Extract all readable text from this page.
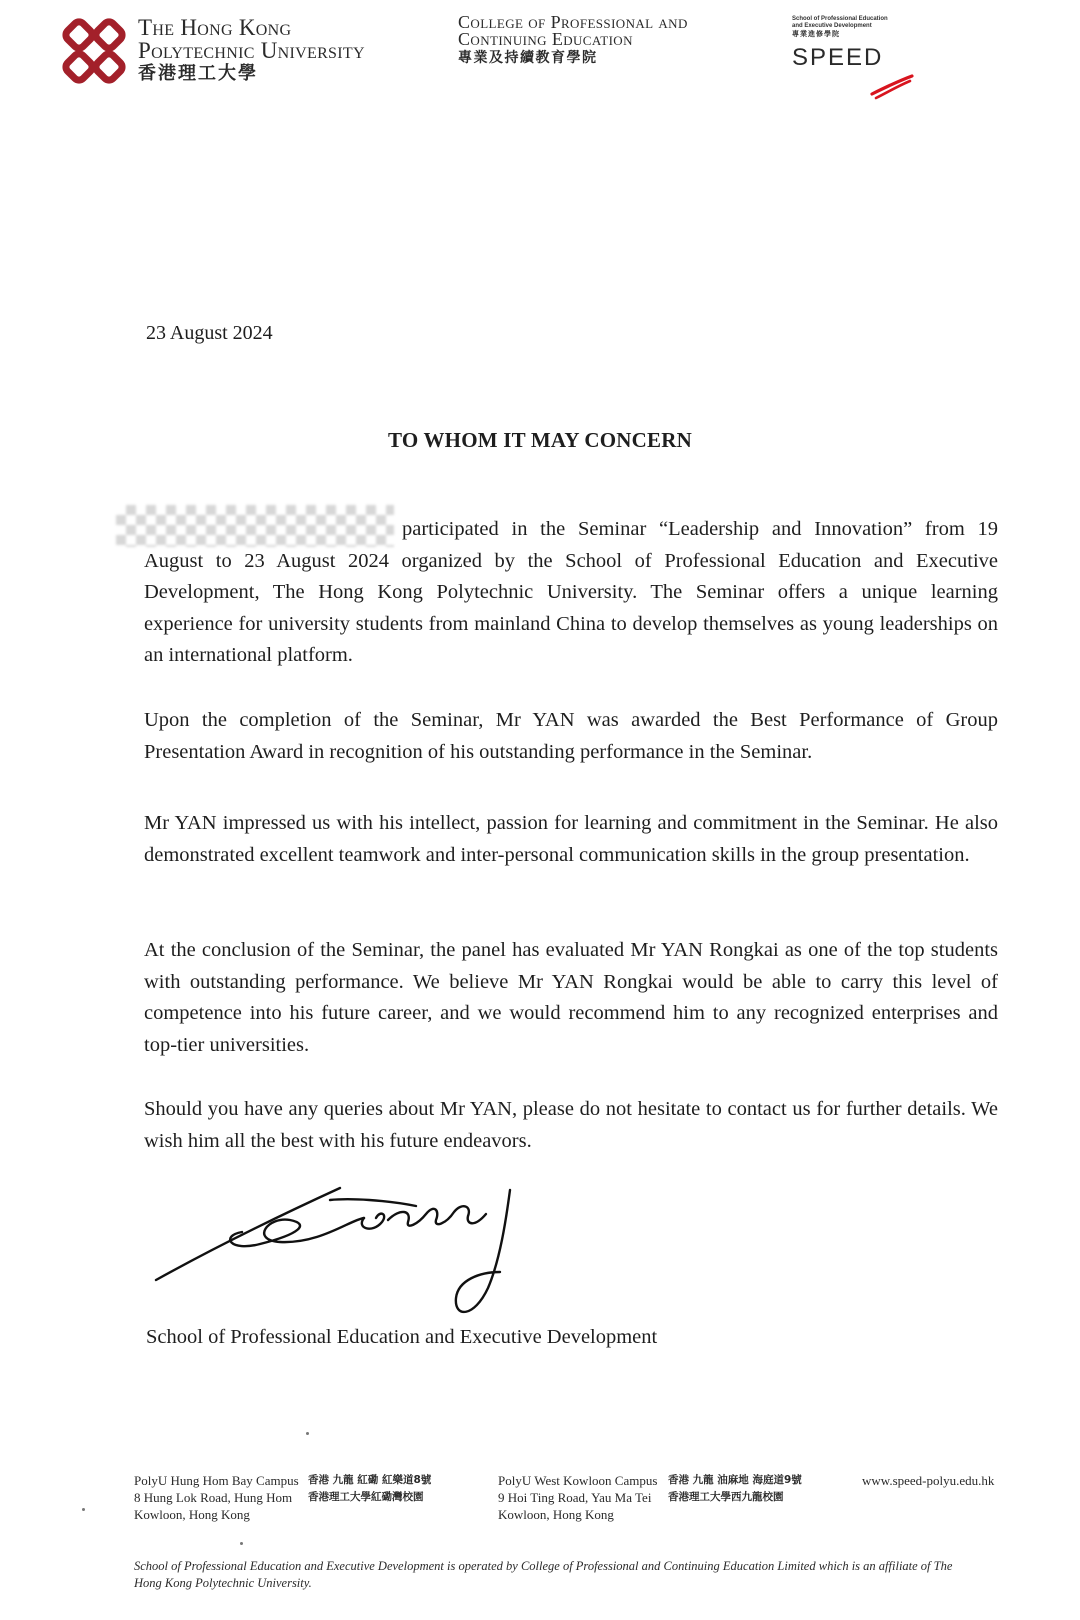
The Hong Kong
Polytechnic University
香港理工大學
College of Professional and
Continuing Education
專業及持續教育學院
School of Professional Education
and Executive Development
專業進修學院
SPEED
23 August 2024
TO WHOM IT MAY CONCERN
participated in the Seminar “Leadership and Innovation” from 19 August to 23 August 2024 organized by the School of Professional Education and Executive Development, The Hong Kong Polytechnic University. The Seminar offers a unique learning experience for university students from mainland China to develop themselves as young leaderships on an international platform.
Upon the completion of the Seminar, Mr YAN was awarded the Best Performance of Group Presentation Award in recognition of his outstanding performance in the Seminar.
Mr YAN impressed us with his intellect, passion for learning and commitment in the Seminar. He also demonstrated excellent teamwork and inter-personal communication skills in the group presentation.
At the conclusion of the Seminar, the panel has evaluated Mr YAN Rongkai as one of the top students with outstanding performance. We believe Mr YAN Rongkai would be able to carry this level of competence into his future career, and we would recommend him to any recognized enterprises and top-tier universities.
Should you have any queries about Mr YAN, please do not hesitate to contact us for further details. We wish him all the best with his future endeavors.
School of Professional Education and Executive Development
PolyU Hung Hom Bay Campus
8 Hung Lok Road, Hung Hom
Kowloon, Hong Kong
香港 九龍 紅磡 紅樂道8號
香港理工大學紅磡灣校園
PolyU West Kowloon Campus
9 Hoi Ting Road, Yau Ma Tei
Kowloon, Hong Kong
香港 九龍 油麻地 海庭道9號
香港理工大學西九龍校園
www.speed-polyu.edu.hk
School of Professional Education and Executive Development is operated by College of Professional and Continuing Education Limited which is an affiliate of The Hong Kong Polytechnic University.
